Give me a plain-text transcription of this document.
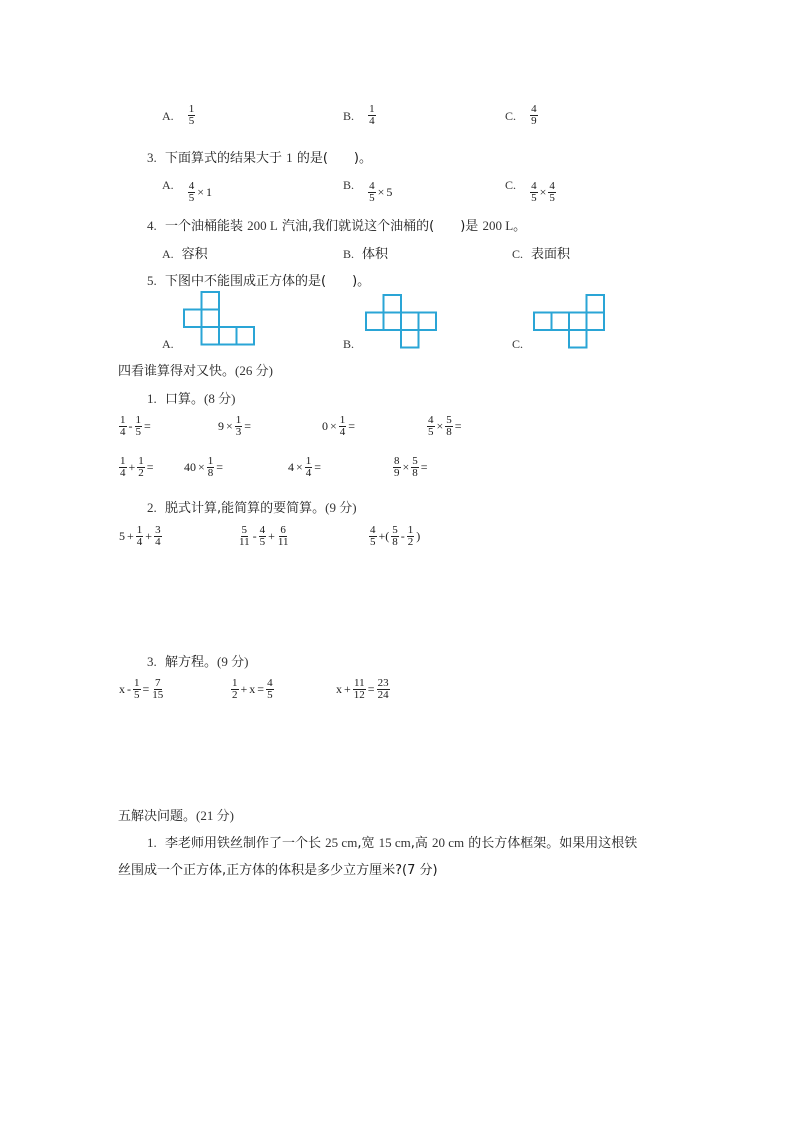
A. $\frac{1}{5}$	B. $\frac{1}{4}$	C. $\frac{4}{9}$
3. 下面算式的结果大于 1 的是(　　)。
A. $\frac{4}{5} \times 1$	B. $\frac{4}{5} \times 5$	C. $\frac{4}{5} \times \frac{4}{5}$
4. 一个油桶能装 200 L 汽油,我们就说这个油桶的(　　)是 200 L。
A. 容积	B. 体积	C. 表面积
5. 下图中不能围成正方体的是(　　)。
A.	B.	C.
四看谁算得对又快。(26 分)
1. 口算。(8 分)
$\frac{1}{4} - \frac{1}{5}$ =	$9 \times \frac{1}{3}$ =	$0 \times \frac{1}{4}$ =	$\frac{4}{5} \times \frac{5}{8}$ =
$\frac{1}{4} + \frac{1}{2}$ =	$40 \times \frac{1}{8}$ =	$4 \times \frac{1}{4}$ =	$\frac{8}{9} \times \frac{5}{8}$ =
2. 脱式计算,能简算的要简算。(9 分)
$5 + \frac{1}{4} + \frac{3}{4}$	$\frac{5}{11} - \frac{4}{5} + \frac{6}{11}$	$\frac{4}{5}$ +( $\frac{5}{8} - \frac{1}{2}$ )
3. 解方程。(9 分)
$x - \frac{1}{5} = \frac{7}{15}$	$\frac{1}{2} + x = \frac{4}{5}$	$x + \frac{11}{12} = \frac{23}{24}$
五解决问题。(21 分)
1. 李老师用铁丝制作了一个长 25 cm,宽 15 cm,高 20 cm 的长方体框架。如果用这根铁
丝围成一个正方体,正方体的体积是多少立方厘米?(7 分)
